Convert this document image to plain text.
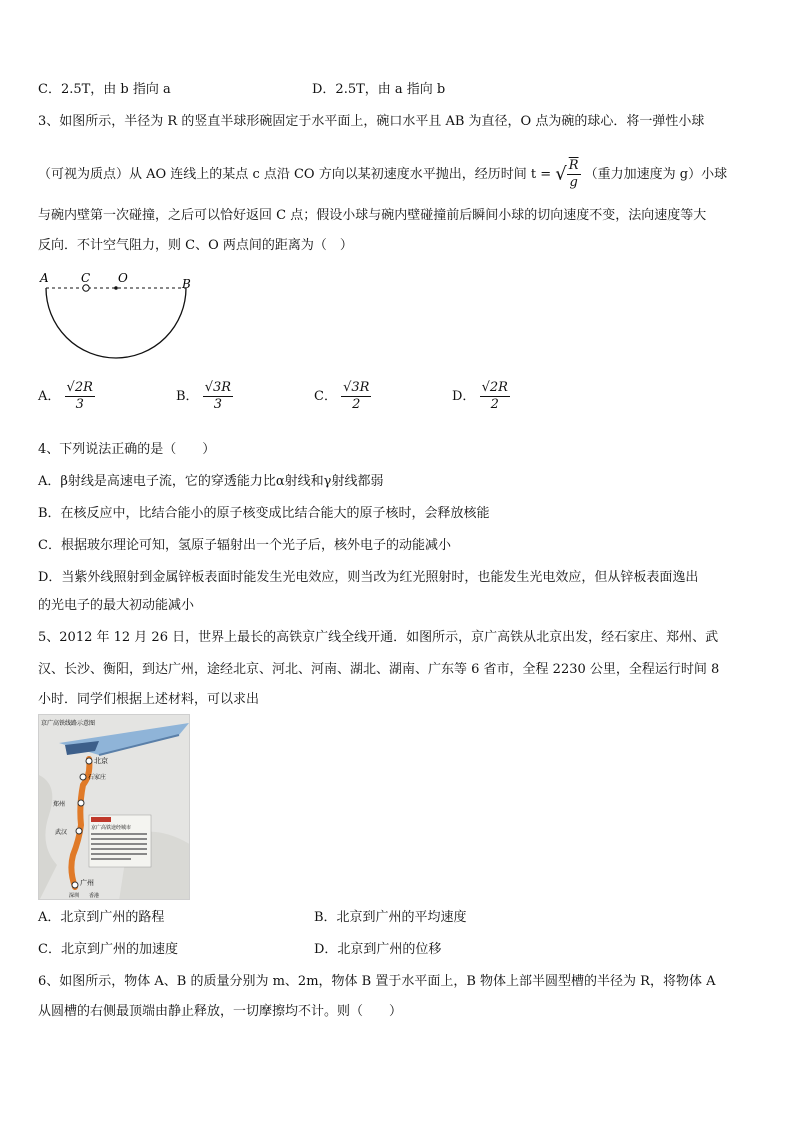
C．2.5T，由 b 指向 a	D．2.5T，由 a 指向 b
3、如图所示，半径为 R 的竖直半球形碗固定于水平面上，碗口水平且 AB 为直径，O 点为碗的球心．将一弹性小球
（可视为质点）从 AO 连线上的某点 c 点沿 CO 方向以某初速度水平抛出，经历时间 t = √ $\frac{R}{g}$ （重力加速度为 g）小球
与碗内壁第一次碰撞，之后可以恰好返回 C 点；假设小球与碗内壁碰撞前后瞬间小球的切向速度不变，法向速度等大
反向．不计空气阻力，则 C、O 两点间的距离为（　）
A	C O	B
A． $\frac{√2R}{3}$	B． $\frac{√3R}{3}$	C． $\frac{√3R}{2}$	D． $\frac{√2R}{2}$
4、下列说法正确的是（　　）
A．β射线是高速电子流，它的穿透能力比α射线和γ射线都弱
B．在核反应中，比结合能小的原子核变成比结合能大的原子核时，会释放核能
C．根据玻尔理论可知，氢原子辐射出一个光子后，核外电子的动能减小
D．当紫外线照射到金属锌板表面时能发生光电效应，则当改为红光照射时，也能发生光电效应，但从锌板表面逸出
的光电子的最大初动能减小
5、2012 年 12 月 26 日，世界上最长的高铁京广线全线开通．如图所示，京广高铁从北京出发，经石家庄、郑州、武
汉、长沙、衡阳，到达广州，途经北京、河北、河南、湖北、湖南、广东等 6 省市，全程 2230 公里，全程运行时间 8
小时．同学们根据上述材料，可以求出
京广高铁线路示意图
北京
石家庄
郑州
武汉
广州
深圳 香港
京广高铁途经城市
A．北京到广州的路程	B．北京到广州的平均速度
C．北京到广州的加速度	D．北京到广州的位移
6、如图所示，物体 A、B 的质量分别为 m、2m，物体 B 置于水平面上，B 物体上部半圆型槽的半径为 R，将物体 A
从圆槽的右侧最顶端由静止释放，一切摩擦均不计。则（　　）
